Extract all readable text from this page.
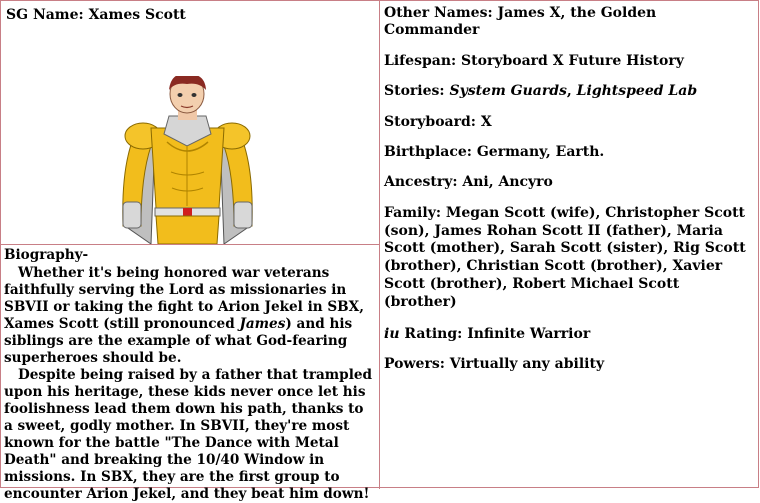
SG Name: Xames Scott

Biography-

Whether it's being honored war veterans faithfully serving the Lord as missionaries in SBVII or taking the fight to Arion Jekel in SBX, Xames Scott (still pronounced James) and his siblings are the example of what God-fearing superheroes should be.

Despite being raised by a father that trampled upon his heritage, these kids never once let his foolishness lead them down his path, thanks to a sweet, godly mother. In SBVII, they're most known for the battle "The Dance with Metal Death" and breaking the 10/40 Window in missions. In SBX, they are the first group to encounter Arion Jekel, and they beat him down!

Other Names: James X, the Golden Commander

Lifespan: Storyboard X Future History

Stories: System Guards, Lightspeed Lab

Storyboard: X

Birthplace: Germany, Earth.

Ancestry: Ani, Ancyro

Family: Megan Scott (wife), Christopher Scott (son), James Rohan Scott II (father), Maria Scott (mother), Sarah Scott (sister), Rig Scott (brother), Christian Scott (brother), Xavier Scott (brother), Robert Michael Scott (brother)

iu Rating: Infinite Warrior

Powers: Virtually any ability
